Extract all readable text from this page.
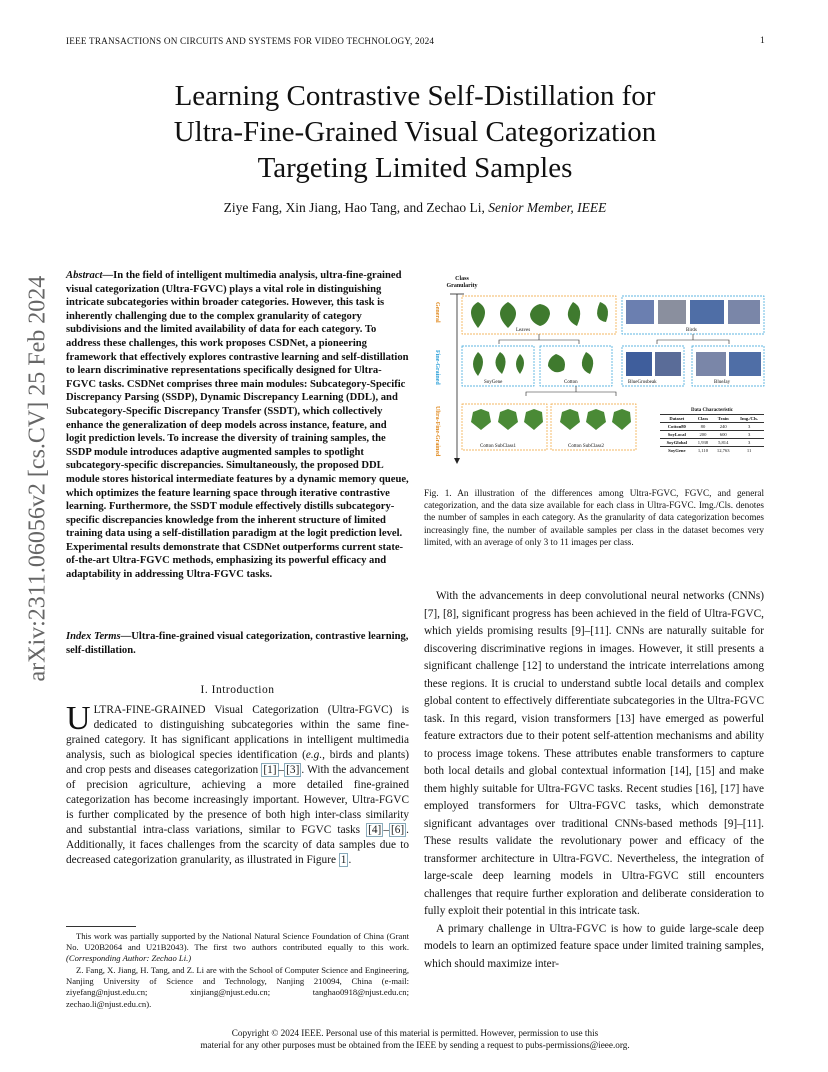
IEEE TRANSACTIONS ON CIRCUITS AND SYSTEMS FOR VIDEO TECHNOLOGY, 2024	1
Learning Contrastive Self-Distillation for
Ultra-Fine-Grained Visual Categorization
Targeting Limited Samples
Ziye Fang, Xin Jiang, Hao Tang, and Zechao Li, Senior Member, IEEE
arXiv:2311.06056v2 [cs.CV] 25 Feb 2024
Abstract—In the field of intelligent multimedia analysis, ultra-fine-grained visual categorization (Ultra-FGVC) plays a vital role in distinguishing intricate subcategories within broader categories. However, this task is inherently challenging due to the complex granularity of category subdivisions and the limited availability of data for each category. To address these challenges, this work proposes CSDNet, a pioneering framework that effectively explores contrastive learning and self-distillation to learn discriminative representations specifically designed for Ultra-FGVC tasks. CSDNet comprises three main modules: Subcategory-Specific Discrepancy Parsing (SSDP), Dynamic Discrepancy Learning (DDL), and Subcategory-Specific Discrepancy Transfer (SSDT), which collectively enhance the generalization of deep models across instance, feature, and logit prediction levels. To increase the diversity of training samples, the SSDP module introduces adaptive augmented samples to spotlight subcategory-specific discrepancies. Simultaneously, the proposed DDL module stores historical intermediate features by a dynamic memory queue, which optimizes the feature learning space through iterative contrastive learning. Furthermore, the SSDT module effectively distills subcategory-specific discrepancies knowledge from the inherent structure of limited training data using a self-distillation paradigm at the logit prediction level. Experimental results demonstrate that CSDNet outperforms current state-of-the-art Ultra-FGVC methods, emphasizing its powerful efficacy and adaptability in addressing Ultra-FGVC tasks.
Index Terms—Ultra-fine-grained visual categorization, contrastive learning, self-distillation.
I. Introduction
ULTRA-FINE-GRAINED Visual Categorization (Ultra-FGVC) is dedicated to distinguishing subcategories within the same fine-grained category. It has significant applications in intelligent multimedia analysis, such as biological species identification (e.g., birds and plants) and crop pests and diseases categorization [1] – [3] . With the advancement of precision agriculture, achieving a more detailed fine-grained categorization has become increasingly important. However, Ultra-FGVC is further complicated by the presence of both high inter-class similarity and substantial intra-class variations, similar to FGVC tasks [4] – [6] . Additionally, it faces challenges from the scarcity of data samples due to decreased categorization granularity, as illustrated in Figure 1 .
This work was partially supported by the National Natural Science Foundation of China (Grant No. U20B2064 and U21B2043). The first two authors contributed equally to this work. (Corresponding Author: Zechao Li.)
Z. Fang, X. Jiang, H. Tang, and Z. Li are with the School of Computer Science and Engineering, Nanjing University of Science and Technology, Nanjing 210094, China (e-mail: ziyefang@njust.edu.cn; xinjiang@njust.edu.cn; tanghao0918@njust.edu.cn; zechao.li@njust.edu.cn).
Class Granularity
General
Fine-Grained
Ultra-Fine-Grained
Leaves	Birds
SoyGene	Cotton	BlueGrosbeak	BlueJay
Cotton SubClass1	Cotton SubClass2
Data Characteristic
Dataset	Class	Train	Img./Cls.
Cotton80	80	240	3
SoyLocal	200	600	3
SoyGlobal	1,938	5,814	3
SoyGene	1,110	12,763	11
Fig. 1. An illustration of the differences among Ultra-FGVC, FGVC, and general categorization, and the data size available for each class in Ultra-FGVC. Img./Cls. denotes the number of samples in each category. As the granularity of data categorization becomes increasingly fine, the number of available samples per class in the dataset becomes very limited, with an average of only 3 to 11 images per class.
With the advancements in deep convolutional neural networks (CNNs) [7], [8], significant progress has been achieved in the field of Ultra-FGVC, which yields promising results [9]–[11]. CNNs are naturally suitable for discovering discriminative regions in images. However, it still presents a significant challenge [12] to understand the intricate interrelations among these regions. It is crucial to understand subtle local details and complex global content to effectively differentiate subcategories in the Ultra-FGVC task. In this regard, vision transformers [13] have emerged as powerful feature extractors due to their potent self-attention mechanisms and ability to process image tokens. These attributes enable transformers to capture both local details and global contextual information [14], [15] and make them highly suitable for Ultra-FGVC tasks. Recent studies [16], [17] have employed transformers for Ultra-FGVC tasks, which demonstrate significant advantages over traditional CNNs-based methods [9]–[11]. These results validate the revolutionary power and efficacy of the transformer architecture in Ultra-FGVC. Nevertheless, the integration of large-scale deep learning models in Ultra-FGVC still encounters challenges that require further exploration and deliberate consideration to fully exploit their potential in this intricate task.
A primary challenge in Ultra-FGVC is how to guide large-scale deep models to learn an optimized feature space under limited training samples, which should maximize inter-
Copyright © 2024 IEEE. Personal use of this material is permitted. However, permission to use this
material for any other purposes must be obtained from the IEEE by sending a request to pubs-permissions@ieee.org.
